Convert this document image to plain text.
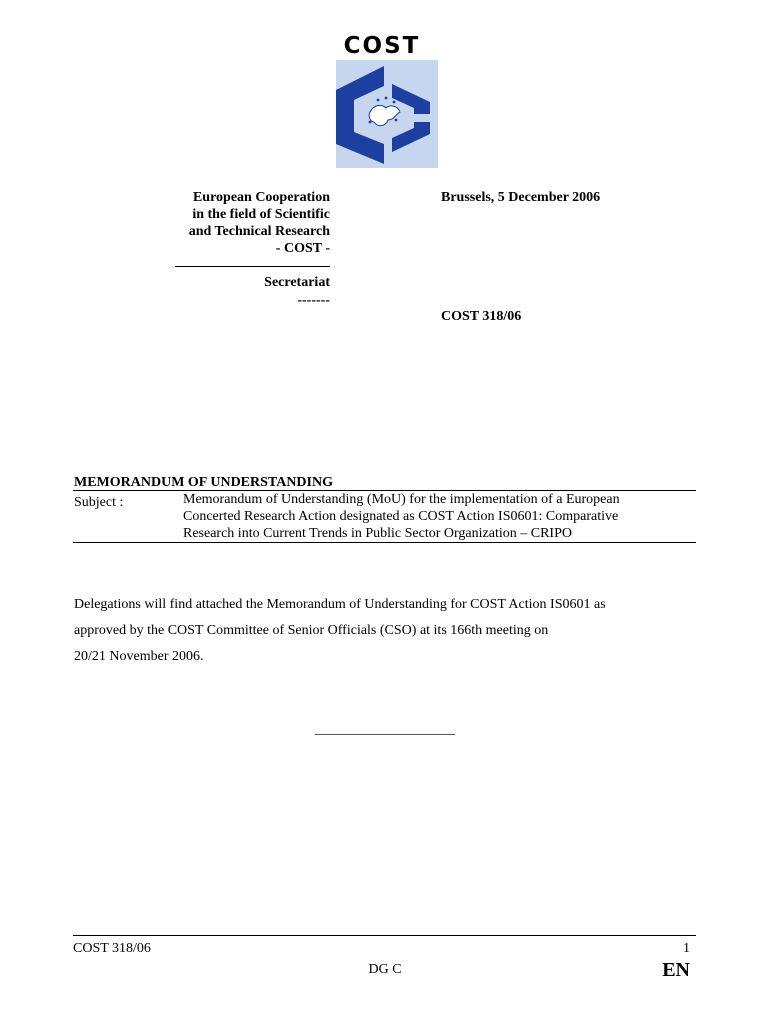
COST
European Cooperation
in the field of Scientific
and Technical Research
- COST -
Secretariat
-------
Brussels, 5 December 2006
COST 318/06
MEMORANDUM OF UNDERSTANDING
Subject :	Memorandum of Understanding (MoU) for the implementation of a European
Concerted Research Action designated as COST Action IS0601: Comparative
Research into Current Trends in Public Sector Organization – CRIPO
Delegations will find attached the Memorandum of Understanding for COST Action IS0601 as
approved by the COST Committee of Senior Officials (CSO) at its 166th meeting on
20/21 November 2006.
____________________
COST 318/06	1
DG C	EN
